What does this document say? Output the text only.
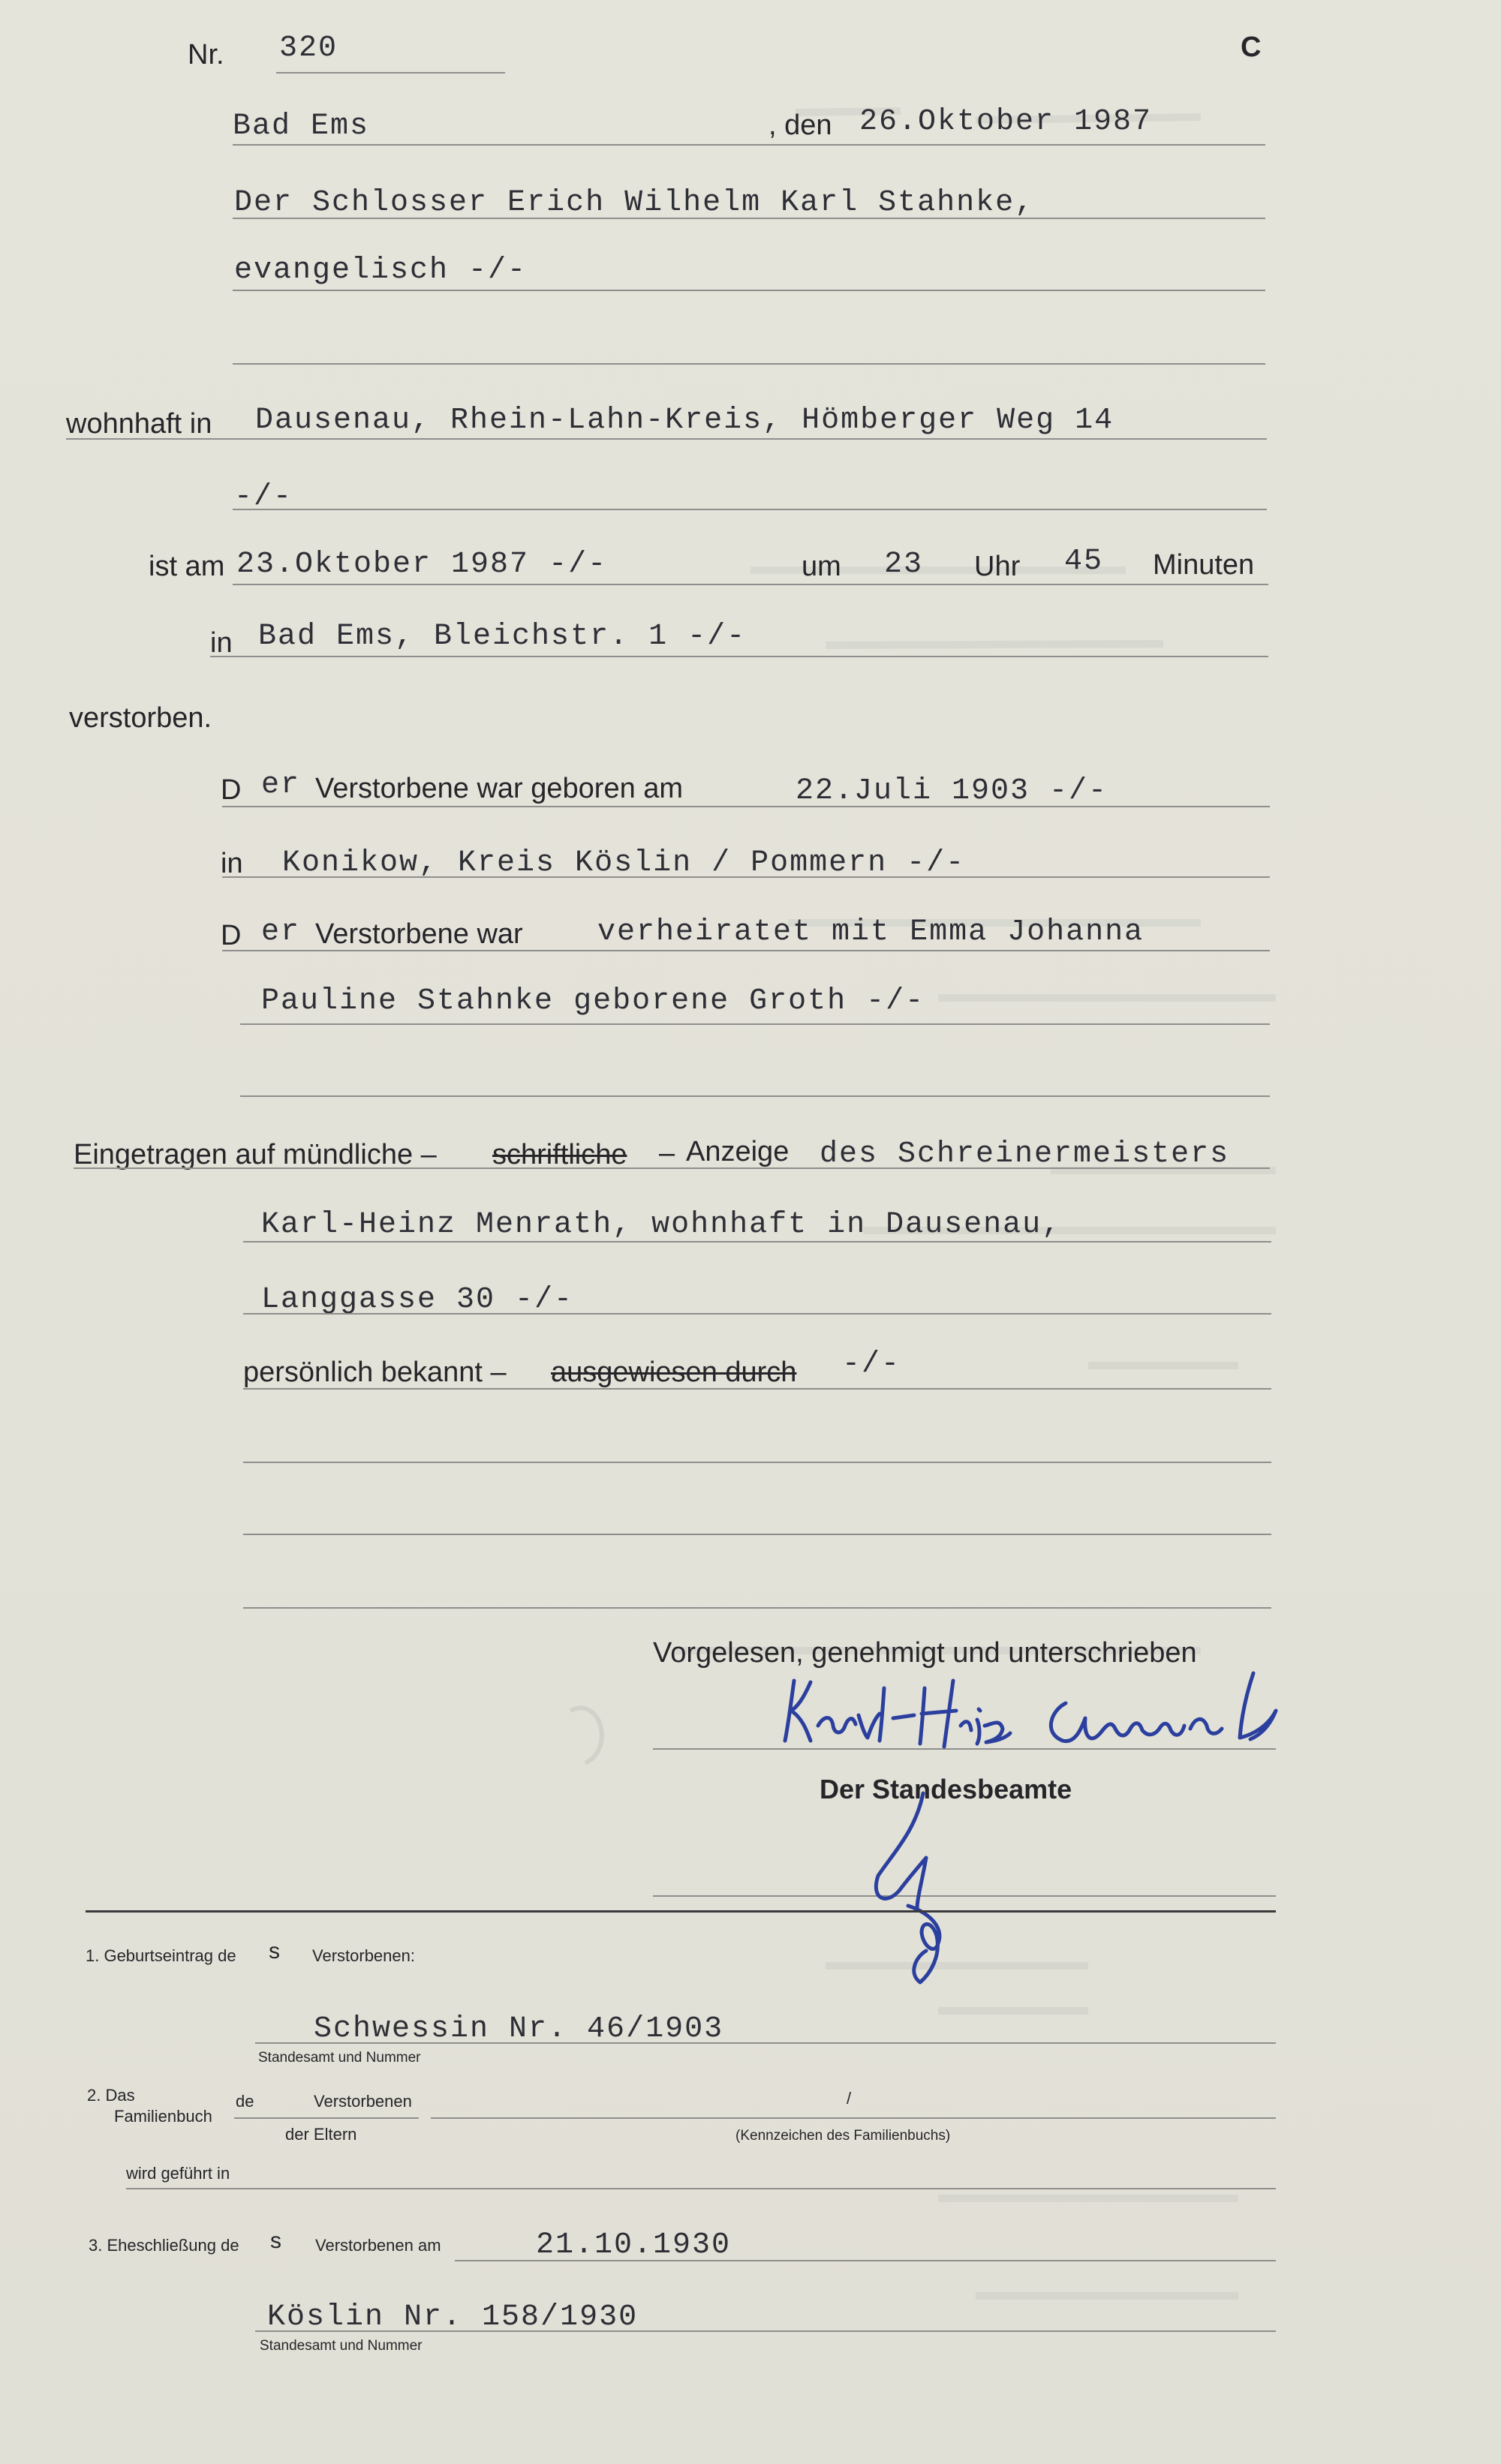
Nr. 320	C
Bad Ems	, den 26.Oktober 1987
Der Schlosser Erich Wilhelm Karl Stahnke,
evangelisch -/-
wohnhaft in Dausenau, Rhein-Lahn-Kreis, Hömberger Weg 14
-/-
ist am 23.Oktober 1987 -/-	um 23 Uhr 45 Minuten
in Bad Ems, Bleichstr. 1 -/-
verstorben.
D er Verstorbene war geboren am	22.Juli 1903 -/-
in Konikow, Kreis Köslin / Pommern -/-
D er Verstorbene war verheiratet mit Emma Johanna
Pauline Stahnke geborene Groth -/-
Eingetragen auf mündliche – schriftliche – Anzeige des Schreinermeisters
Karl-Heinz Menrath, wohnhaft in Dausenau,
Langgasse 30 -/-
persönlich bekannt – ausgewiesen durch -/-
Vorgelesen, genehmigt und unterschrieben
Der Standesbeamte
1. Geburtseintrag de s Verstorbenen:
Schwessin Nr. 46/1903
Standesamt und Nummer
2. Das
Familienbuch
de	Verstorbenen
der Eltern
/
(Kennzeichen des Familienbuchs)
wird geführt in
3. Eheschließung de s Verstorbenen am	21.10.1930
Köslin Nr. 158/1930
Standesamt und Nummer
